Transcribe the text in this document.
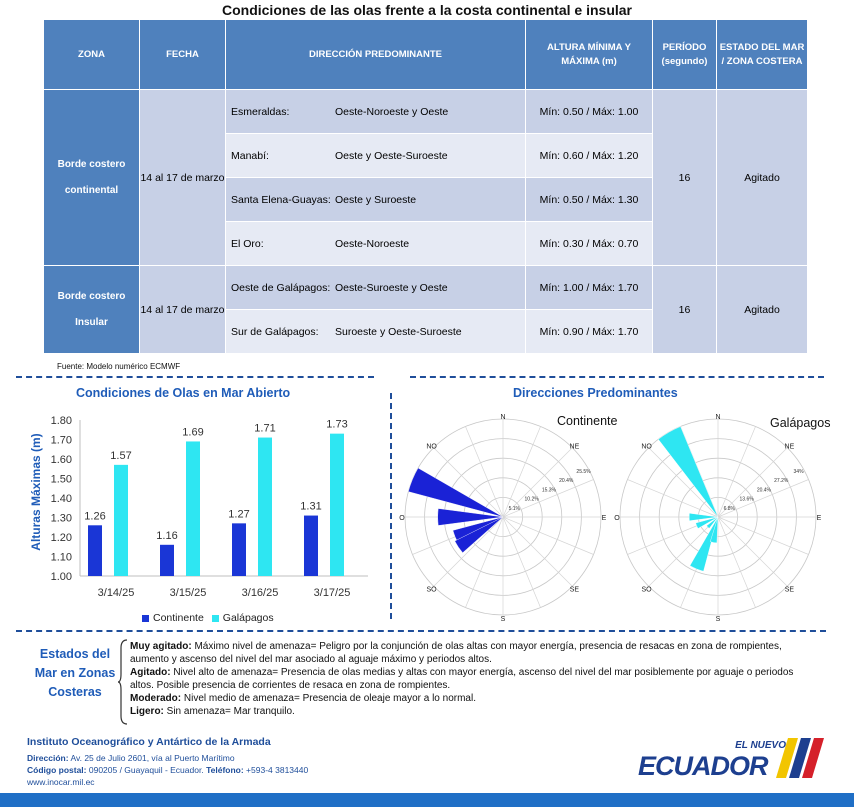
Condiciones de las olas frente a la costa continental e insular
ZONA	FECHA	DIRECCIÓN PREDOMINANTE	ALTURA MÍNIMA Y MÁXIMA (m)	PERÍODO (segundo)	ESTADO DEL MAR / ZONA COSTERA
Borde costero continental	14 al 17 de marzo	Esmeraldas: Oeste-Noroeste y Oeste	Mín: 0.50 / Máx: 1.00	16	Agitado
		Manabí: Oeste y Oeste-Suroeste	Mín: 0.60 / Máx: 1.20		
		Santa Elena-Guayas: Oeste y Suroeste	Mín: 0.50 / Máx: 1.30		
		El Oro: Oeste-Noroeste	Mín: 0.30 / Máx: 0.70		
Borde costero Insular	14 al 17 de marzo	Oeste de Galápagos: Oeste-Suroeste y Oeste	Mín: 1.00 / Máx: 1.70	16	Agitado
		Sur de Galápagos: Suroeste y Oeste-Suroeste	Mín: 0.90 / Máx: 1.70		
Fuente: Modelo numérico ECMWF
Condiciones de Olas en Mar Abierto	Direcciones Predominantes
Alturas Máximas (m)
1.00
1.10
1.20
1.30
1.40
1.50
1.60
1.70
1.80
1.26
1.57
3/14/25
1.16
1.69
3/15/25
1.27
1.71
3/16/25
1.31
1.73
3/17/25
Continente Galápagos
N
NE
E
SE
S
SO
O
NO
5.1%
10.2%
15.3%
20.4%
25.5%
N
NE
E
SE
S
SO
O
NO
6.8%
13.6%
20.4%
27.2%
34%
Continente	Galápagos
Estados del Mar en Zonas Costeras

Muy agitado: Máximo nivel de amenaza= Peligro por la conjunción de olas altas con mayor energía, presencia de resacas en zona de rompientes, aumento y ascenso del nivel del mar asociado al aguaje máximo y periodos altos.

Agitado: Nivel alto de amenaza= Presencia de olas medias y altas con mayor energía, ascenso del nivel del mar posiblemente por aguaje o periodos altos. Posible presencia de corrientes de resaca en zona de rompientes.

Moderado: Nivel medio de amenaza= Presencia de oleaje mayor a lo normal.

Ligero: Sin amenaza= Mar tranquilo.

Instituto Oceanográfico y Antártico de la Armada
Dirección: Av. 25 de Julio 2601, vía al Puerto Marítimo
Código postal: 090205 / Guayaquil - Ecuador. Teléfono: +593-4 3813440
www.inocar.mil.ec
EL NUEVO
ECUADOR
